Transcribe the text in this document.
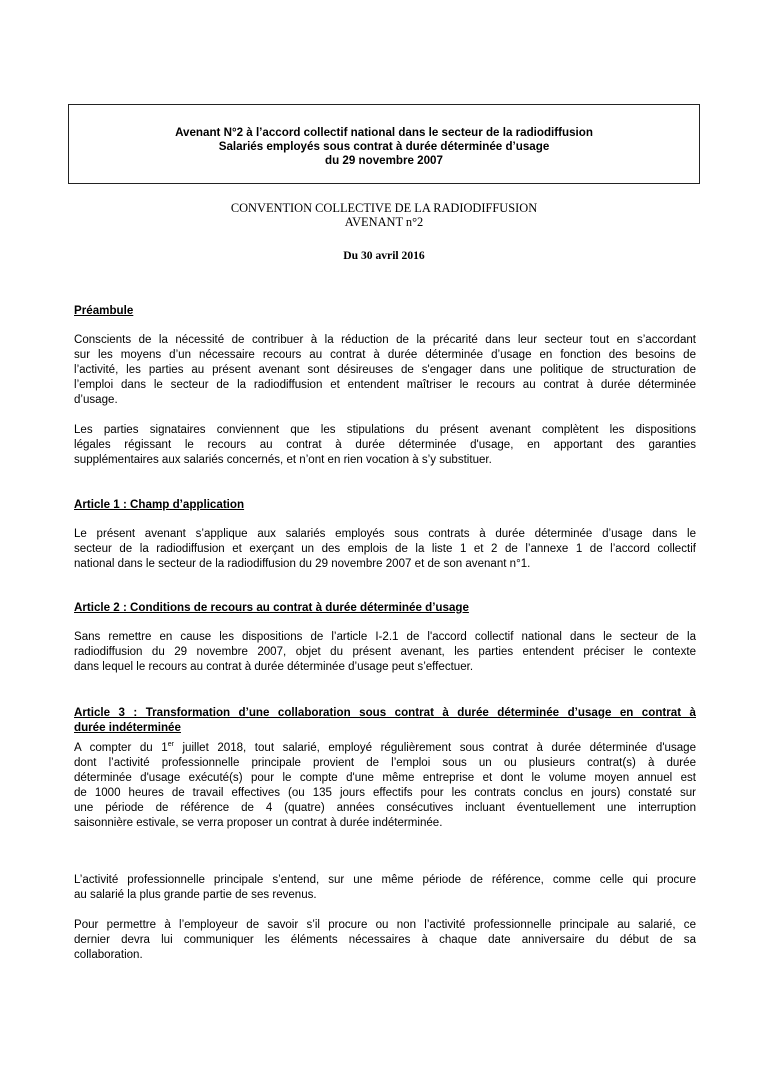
Avenant N°2 à l’accord collectif national dans le secteur de la radiodiffusion
Salariés employés sous contrat à durée déterminée d’usage
du 29 novembre 2007
CONVENTION COLLECTIVE DE LA RADIODIFFUSION
AVENANT n°2
Du 30 avril 2016
Préambule
Conscients de la nécessité de contribuer à la réduction de la précarité dans leur secteur tout en s’accordant
sur les moyens d’un nécessaire recours au contrat à durée déterminée d’usage en fonction des besoins de
l’activité, les parties au présent avenant sont désireuses de s'engager dans une politique de structuration de
l’emploi dans le secteur de la radiodiffusion et entendent maîtriser le recours au contrat à durée déterminée
d’usage.
Les parties signataires conviennent que les stipulations du présent avenant complètent les dispositions
légales régissant le recours au contrat à durée déterminée d'usage, en apportant des garanties
supplémentaires aux salariés concernés, et n’ont en rien vocation à s’y substituer.
Article 1 : Champ d’application
Le présent avenant s’applique aux salariés employés sous contrats à durée déterminée d’usage dans le
secteur de la radiodiffusion et exerçant un des emplois de la liste 1 et 2 de l’annexe 1 de l’accord collectif
national dans le secteur de la radiodiffusion du 29 novembre 2007 et de son avenant n°1.
Article 2 : Conditions de recours au contrat à durée déterminée d’usage
Sans remettre en cause les dispositions de l’article I-2.1 de l'accord collectif national dans le secteur de la
radiodiffusion du 29 novembre 2007, objet du présent avenant, les parties entendent préciser le contexte
dans lequel le recours au contrat à durée déterminée d’usage peut s’effectuer.
Article 3 : Transformation d’une collaboration sous contrat à durée déterminée d’usage en contrat à
durée indéterminée
A compter du 1er juillet 2018, tout salarié, employé régulièrement sous contrat à durée déterminée d'usage
dont l’activité professionnelle principale provient de l’emploi sous un ou plusieurs contrat(s) à durée
déterminée d'usage exécuté(s) pour le compte d'une même entreprise et dont le volume moyen annuel est
de 1000 heures de travail effectives (ou 135 jours effectifs pour les contrats conclus en jours) constaté sur
une période de référence de 4 (quatre) années consécutives incluant éventuellement une interruption
saisonnière estivale, se verra proposer un contrat à durée indéterminée.
L’activité professionnelle principale s’entend, sur une même période de référence, comme celle qui procure
au salarié la plus grande partie de ses revenus.
Pour permettre à l’employeur de savoir s’il procure ou non l’activité professionnelle principale au salarié, ce
dernier devra lui communiquer les éléments nécessaires à chaque date anniversaire du début de sa
collaboration.
